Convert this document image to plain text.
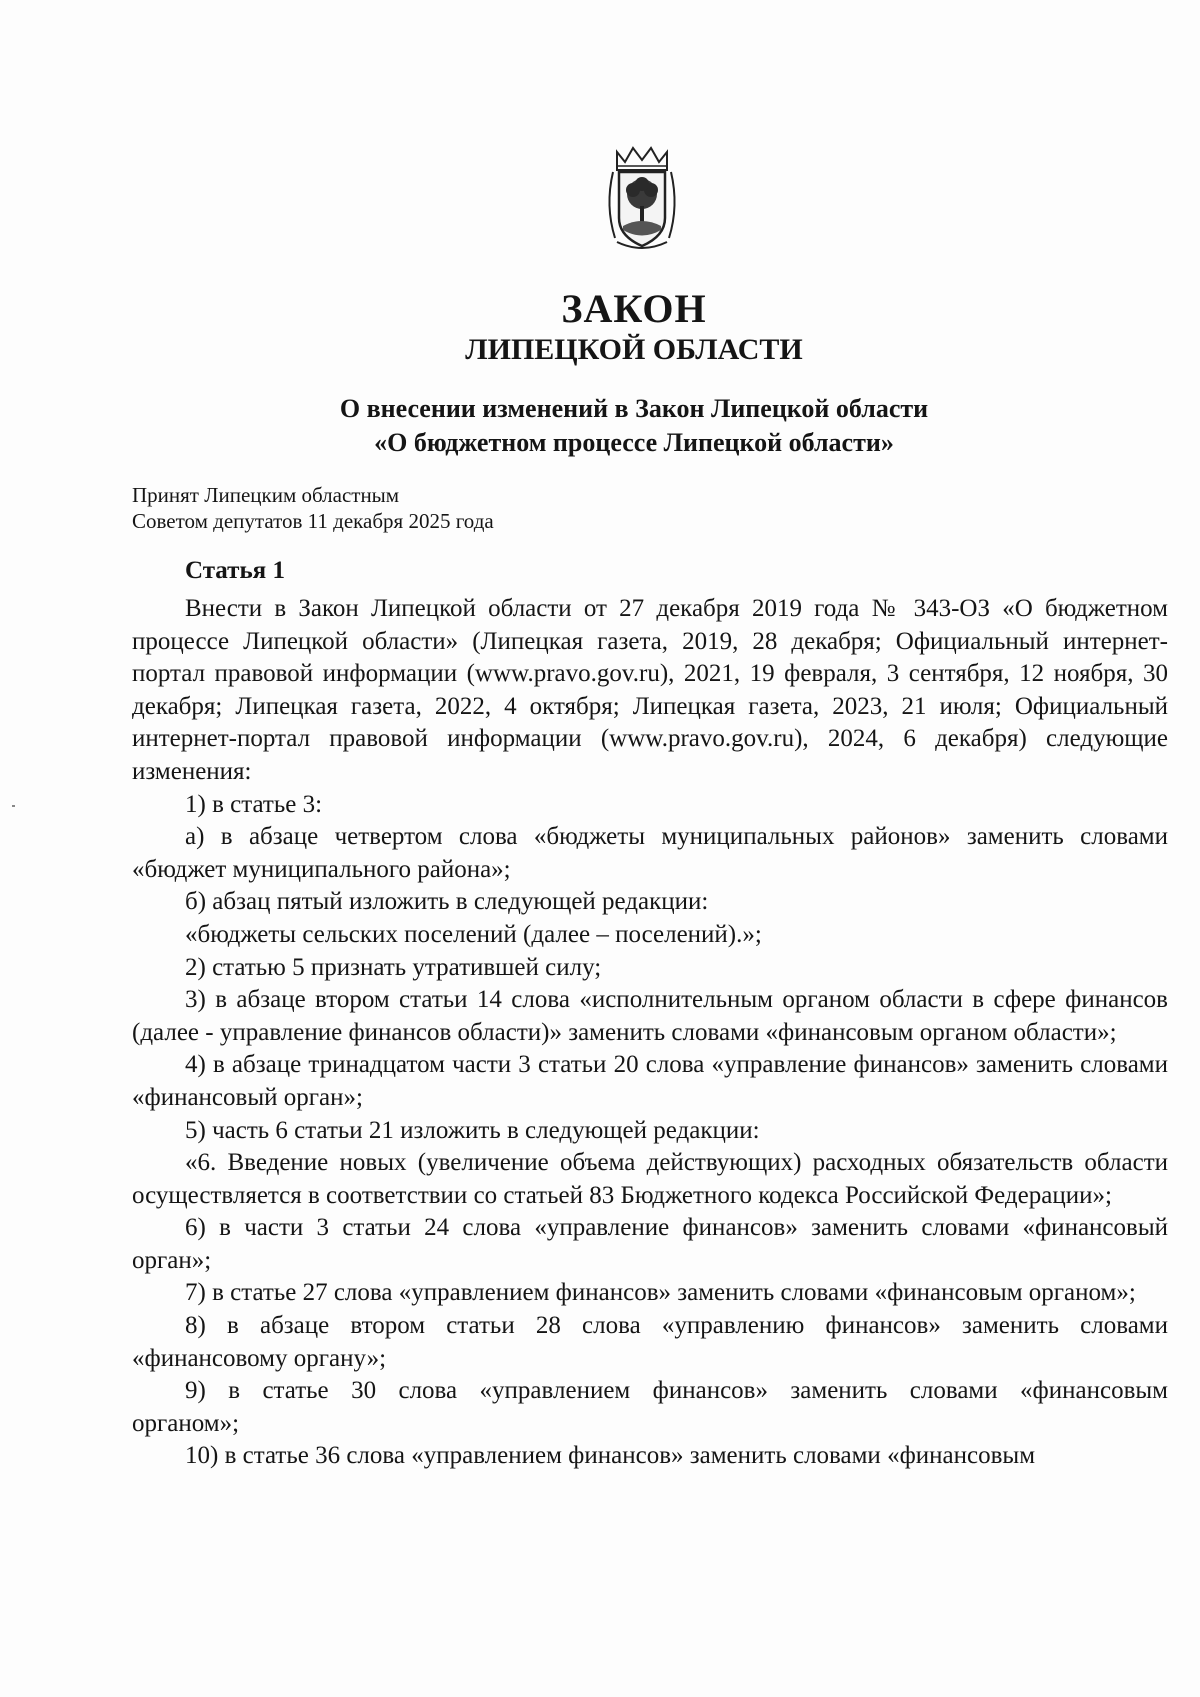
ЗАКОН
ЛИПЕЦКОЙ ОБЛАСТИ
О внесении изменений в Закон Липецкой области
«О бюджетном процессе Липецкой области»
Принят Липецким областным
Советом депутатов 11 декабря 2025 года
Статья 1

Внести в Закон Липецкой области от 27 декабря 2019 года № 343-ОЗ «О бюджетном процессе Липецкой области» (Липецкая газета, 2019, 28 декабря; Официальный интернет-портал правовой информации (www.pravo.gov.ru), 2021, 19 февраля, 3 сентября, 12 ноября, 30 декабря; Липецкая газета, 2022, 4 октября; Липецкая газета, 2023, 21 июля; Официальный интернет-портал правовой информации (www.pravo.gov.ru), 2024, 6 декабря) следующие изменения:

1) в статье 3:

а) в абзаце четвертом слова «бюджеты муниципальных районов» заменить словами «бюджет муниципального района»;

б) абзац пятый изложить в следующей редакции:

«бюджеты сельских поселений (далее – поселений).»;

2) статью 5 признать утратившей силу;

3) в абзаце втором статьи 14 слова «исполнительным органом области в сфере финансов (далее - управление финансов области)» заменить словами «финансовым органом области»;

4) в абзаце тринадцатом части 3 статьи 20 слова «управление финансов» заменить словами «финансовый орган»;

5) часть 6 статьи 21 изложить в следующей редакции:

«6. Введение новых (увеличение объема действующих) расходных обязательств области осуществляется в соответствии со статьей 83 Бюджетного кодекса Российской Федерации»;

6) в части 3 статьи 24 слова «управление финансов» заменить словами «финансовый орган»;

7) в статье 27 слова «управлением финансов» заменить словами «финансовым органом»;

8) в абзаце втором статьи 28 слова «управлению финансов» заменить словами «финансовому органу»;

9) в статье 30 слова «управлением финансов» заменить словами «финансовым органом»;

10) в статье 36 слова «управлением финансов» заменить словами «финансовым
